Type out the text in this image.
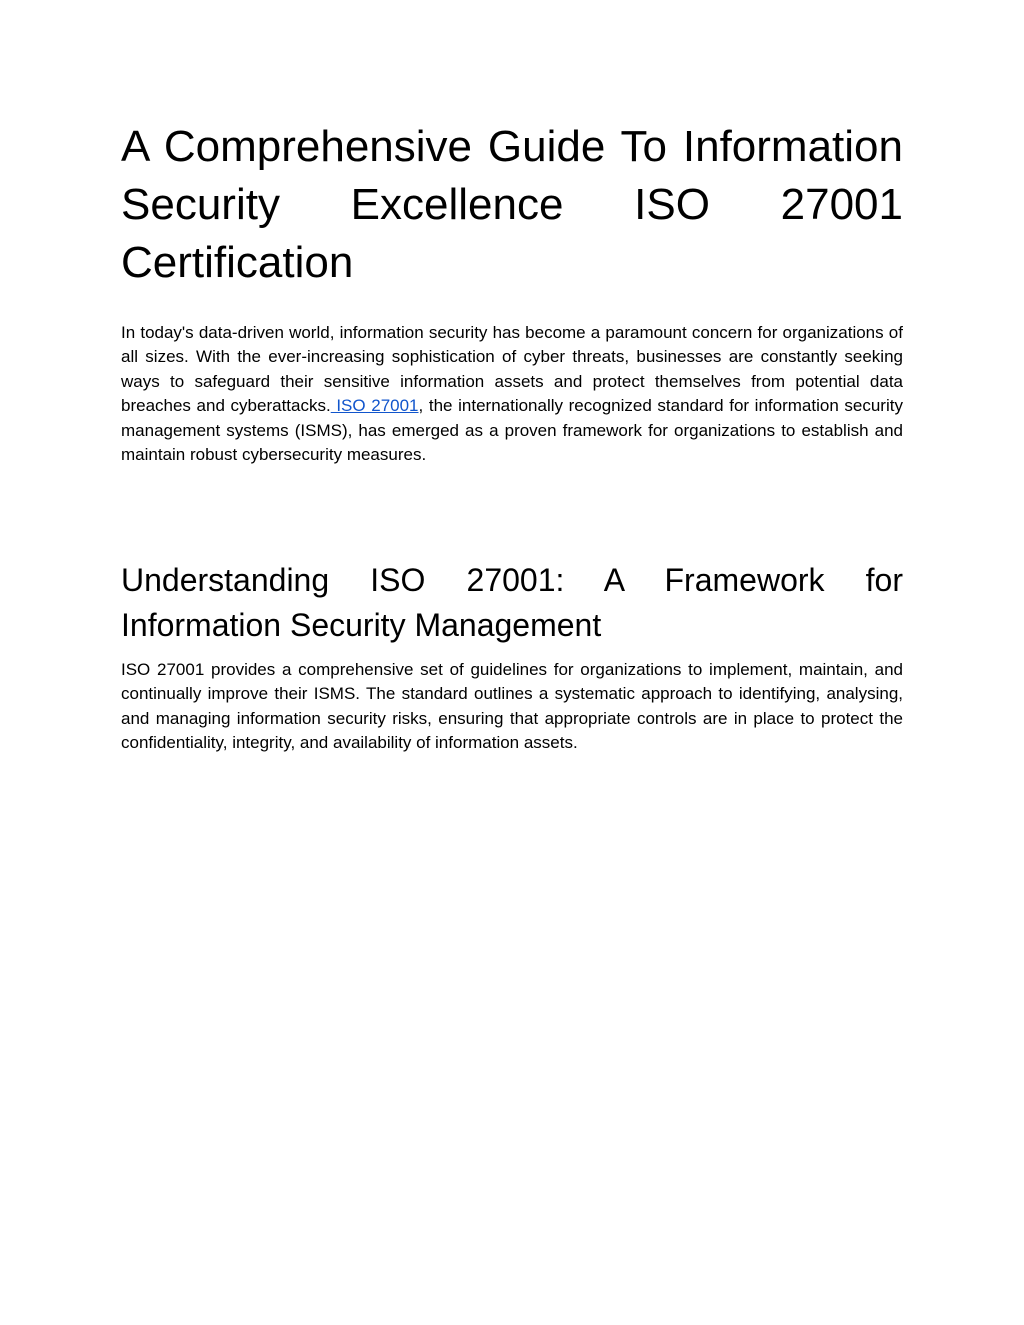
A Comprehensive Guide To Information Security Excellence ISO 27001 Certification

In today's data-driven world, information security has become a paramount concern for organizations of all sizes. With the ever-increasing sophistication of cyber threats, businesses are constantly seeking ways to safeguard their sensitive information assets and protect themselves from potential data breaches and cyberattacks. ISO 27001, the internationally recognized standard for information security management systems (ISMS), has emerged as a proven framework for organizations to establish and maintain robust cybersecurity measures.

Understanding ISO 27001: A Framework for Information Security Management

ISO 27001 provides a comprehensive set of guidelines for organizations to implement, maintain, and continually improve their ISMS. The standard outlines a systematic approach to identifying, analysing, and managing information security risks, ensuring that appropriate controls are in place to protect the confidentiality, integrity, and availability of information assets.
